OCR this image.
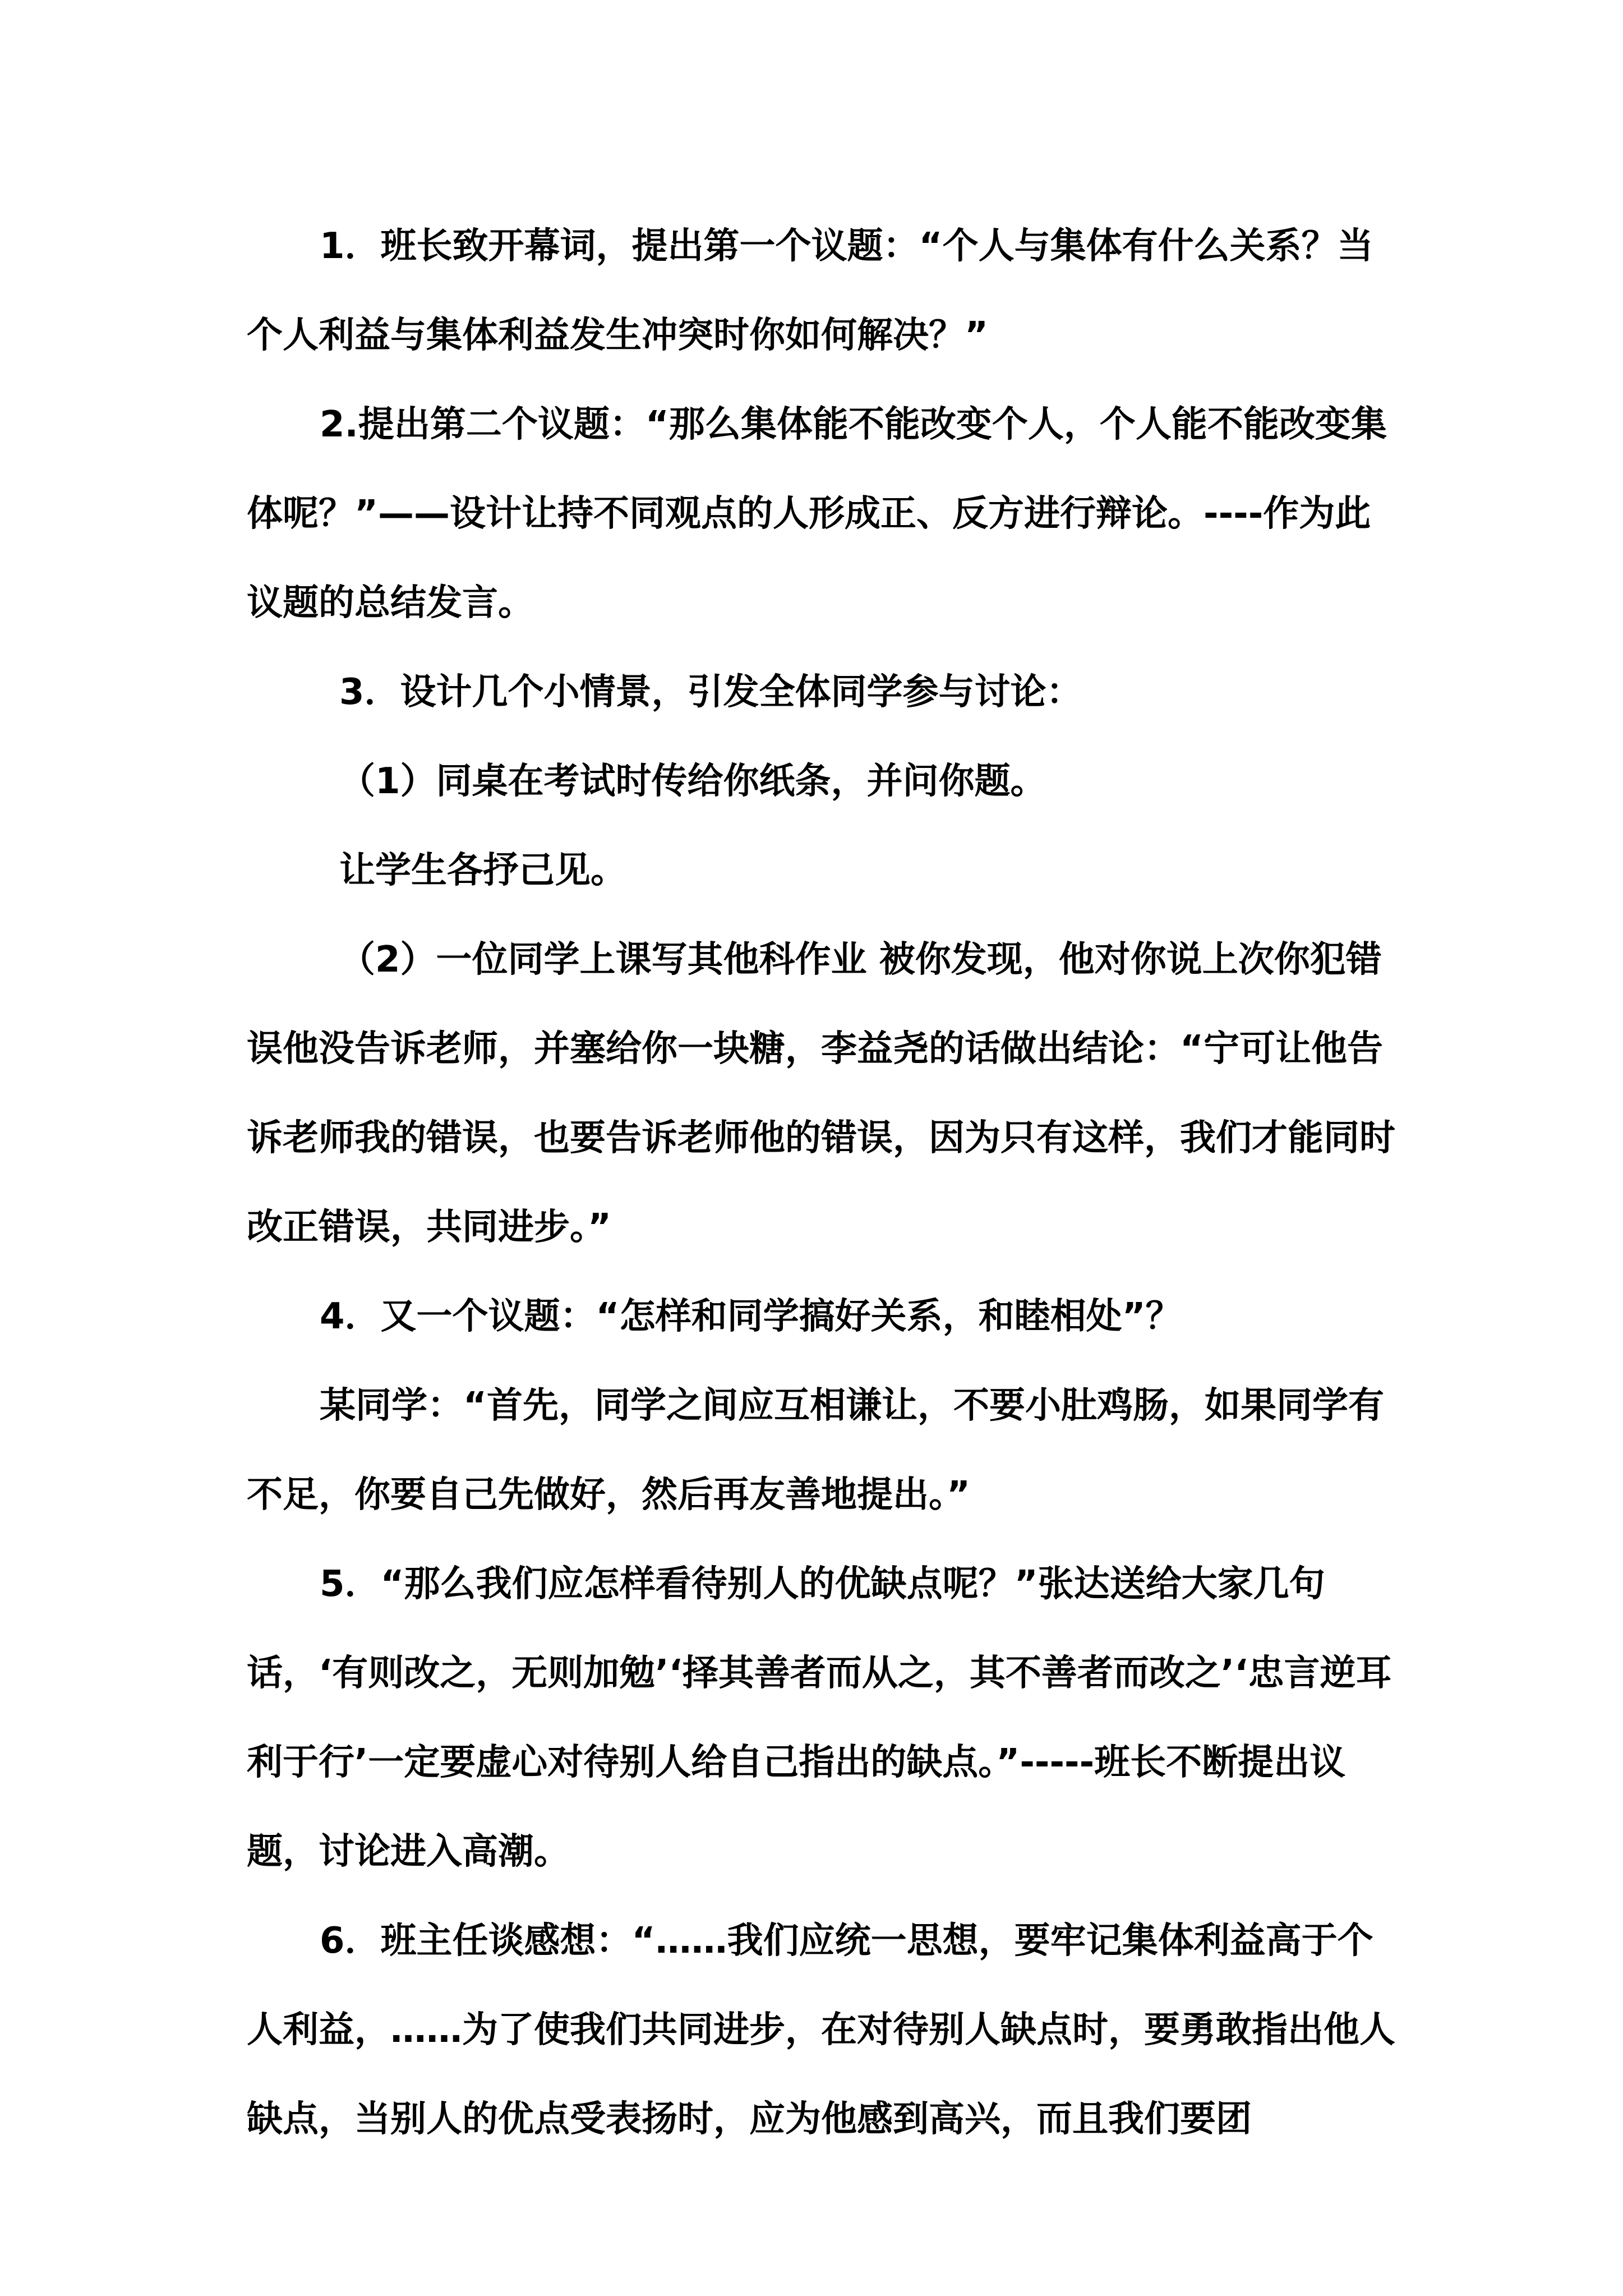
1．班长致开幕词，提出第一个议题：“个人与集体有什么关系？当个人利益与集体利益发生冲突时你如何解决？”

2.提出第二个议题：“那么集体能不能改变个人，个人能不能改变集体呢？”——设计让持不同观点的人形成正、反方进行辩论。----作为此议题的总结发言。

3．设计几个小情景，引发全体同学参与讨论：

（1）同桌在考试时传给你纸条，并问你题。

让学生各抒己见。

（2）一位同学上课写其他科作业 被你发现，他对你说上次你犯错误他没告诉老师，并塞给你一块糖，李益尧的话做出结论：“宁可让他告诉老师我的错误，也要告诉老师他的错误，因为只有这样，我们才能同时改正错误，共同进步。”

4．又一个议题：“怎样和同学搞好关系，和睦相处”？

某同学：“首先，同学之间应互相谦让，不要小肚鸡肠，如果同学有不足，你要自己先做好，然后再友善地提出。”

5．“那么我们应怎样看待别人的优缺点呢？”张达送给大家几句话，‘有则改之，无则加勉’‘择其善者而从之，其不善者而改之’‘忠言逆耳利于行’一定要虚心对待别人给自己指出的缺点。”-----班长不断提出议题，讨论进入高潮。

6．班主任谈感想：“……我们应统一思想，要牢记集体利益高于个人利益，……为了使我们共同进步，在对待别人缺点时，要勇敢指出他人缺点，当别人的优点受表扬时，应为他感到高兴，而且我们要团
